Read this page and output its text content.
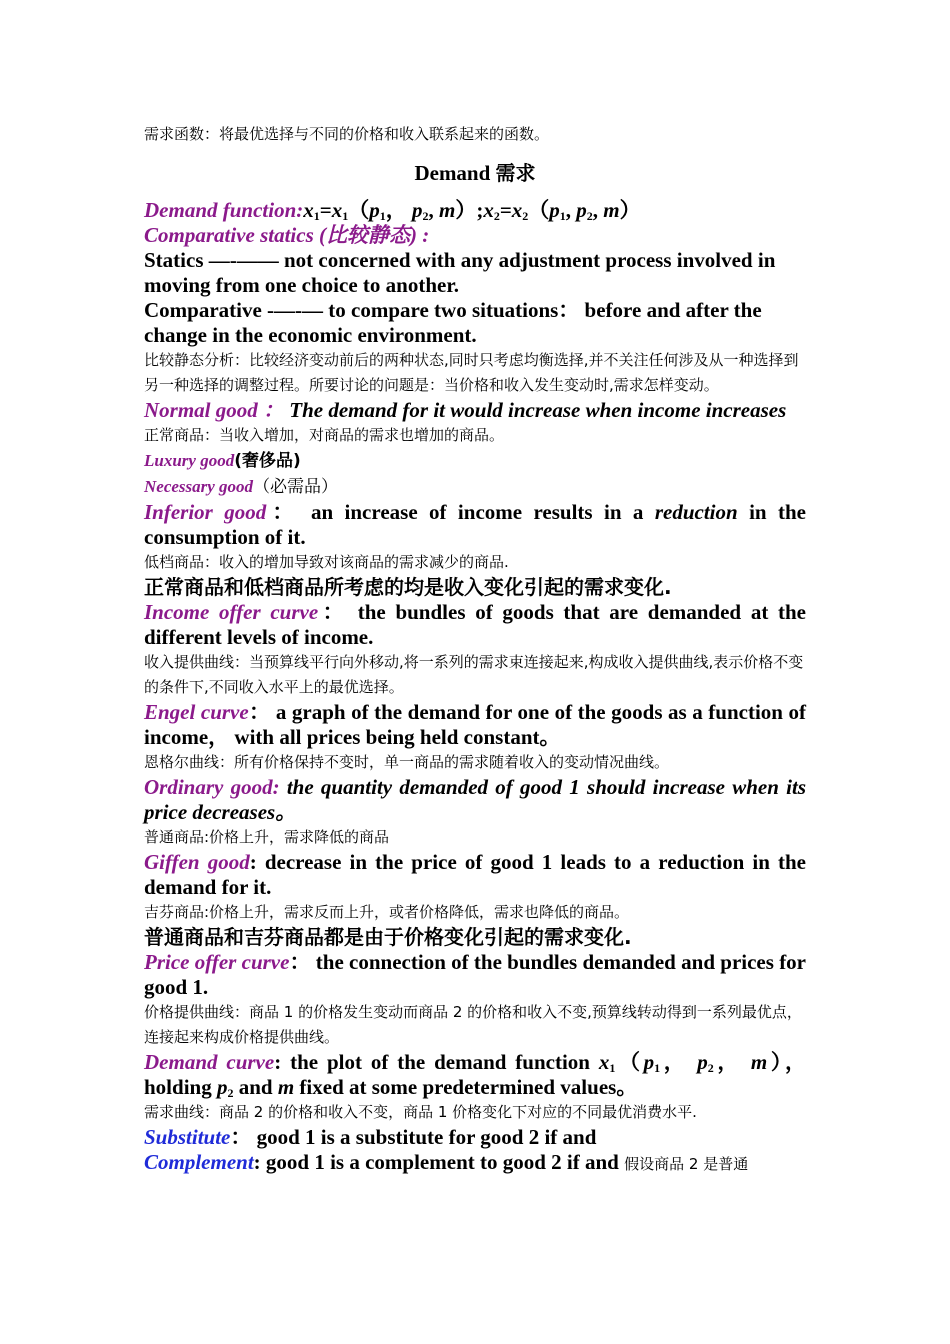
需求函数：将最优选择与不同的价格和收入联系起来的函数。

Demand 需求

Demand $function:x_1=x_1(p_1$， $p_2$, $m);x_2=x_2(p_1$, $p_2$, m）

Comparative statics (比较静态) :

Statics —-—— not concerned with any adjustment process involved in moving from one choice to another.

Comparative -—-— to compare two situations： before and after the change in the economic environment.

比较静态分析：比较经济变动前后的两种状态,同时只考虑均衡选择,并不关注任何涉及从一种选择到另一种选择的调整过程。所要讨论的问题是：当价格和收入发生变动时,需求怎样变动。

Normal good ： The demand for it would increase when income increases

正常商品：当收入增加，对商品的需求也增加的商品。

Luxury good(奢侈品)

Necessary good（必需品）

Inferior good： an increase of income results in a reduction in the consumption of it.

低档商品：收入的增加导致对该商品的需求减少的商品.

正常商品和低档商品所考虑的均是收入变化引起的需求变化.

Income offer curve： the bundles of goods that are demanded at the different levels of income.

收入提供曲线：当预算线平行向外移动,将一系列的需求束连接起来,构成收入提供曲线,表示价格不变的条件下,不同收入水平上的最优选择。

Engel curve： a graph of the demand for one of the goods as a function of income， with all prices being held constant。

恩格尔曲线：所有价格保持不变时，单一商品的需求随着收入的变动情况曲线。

Ordinary good: the quantity demanded of good 1 should increase when its price decreases。

普通商品:价格上升，需求降低的商品

Giffen good: decrease in the price of good 1 leads to a reduction in the demand for it.

吉芬商品:价格上升，需求反而上升，或者价格降低，需求也降低的商品。

普通商品和吉芬商品都是由于价格变化引起的需求变化.

Price offer curve： the connection of the bundles demanded and prices for good 1.

价格提供曲线：商品 1 的价格发生变动而商品 2 的价格和收入不变,预算线转动得到一系列最优点，连接起来构成价格提供曲线。

Demand curve: the plot of the demand function $x_1(p_1$， $p_2$， m）， holding $p_2$ and m fixed at some predetermined values。

需求曲线：商品 2 的价格和收入不变，商品 1 价格变化下对应的不同最优消费水平.

Substitute： good 1 is a substitute for good 2 if and

Complement: good 1 is a complement to good 2 if and 假设商品 2 是普通
